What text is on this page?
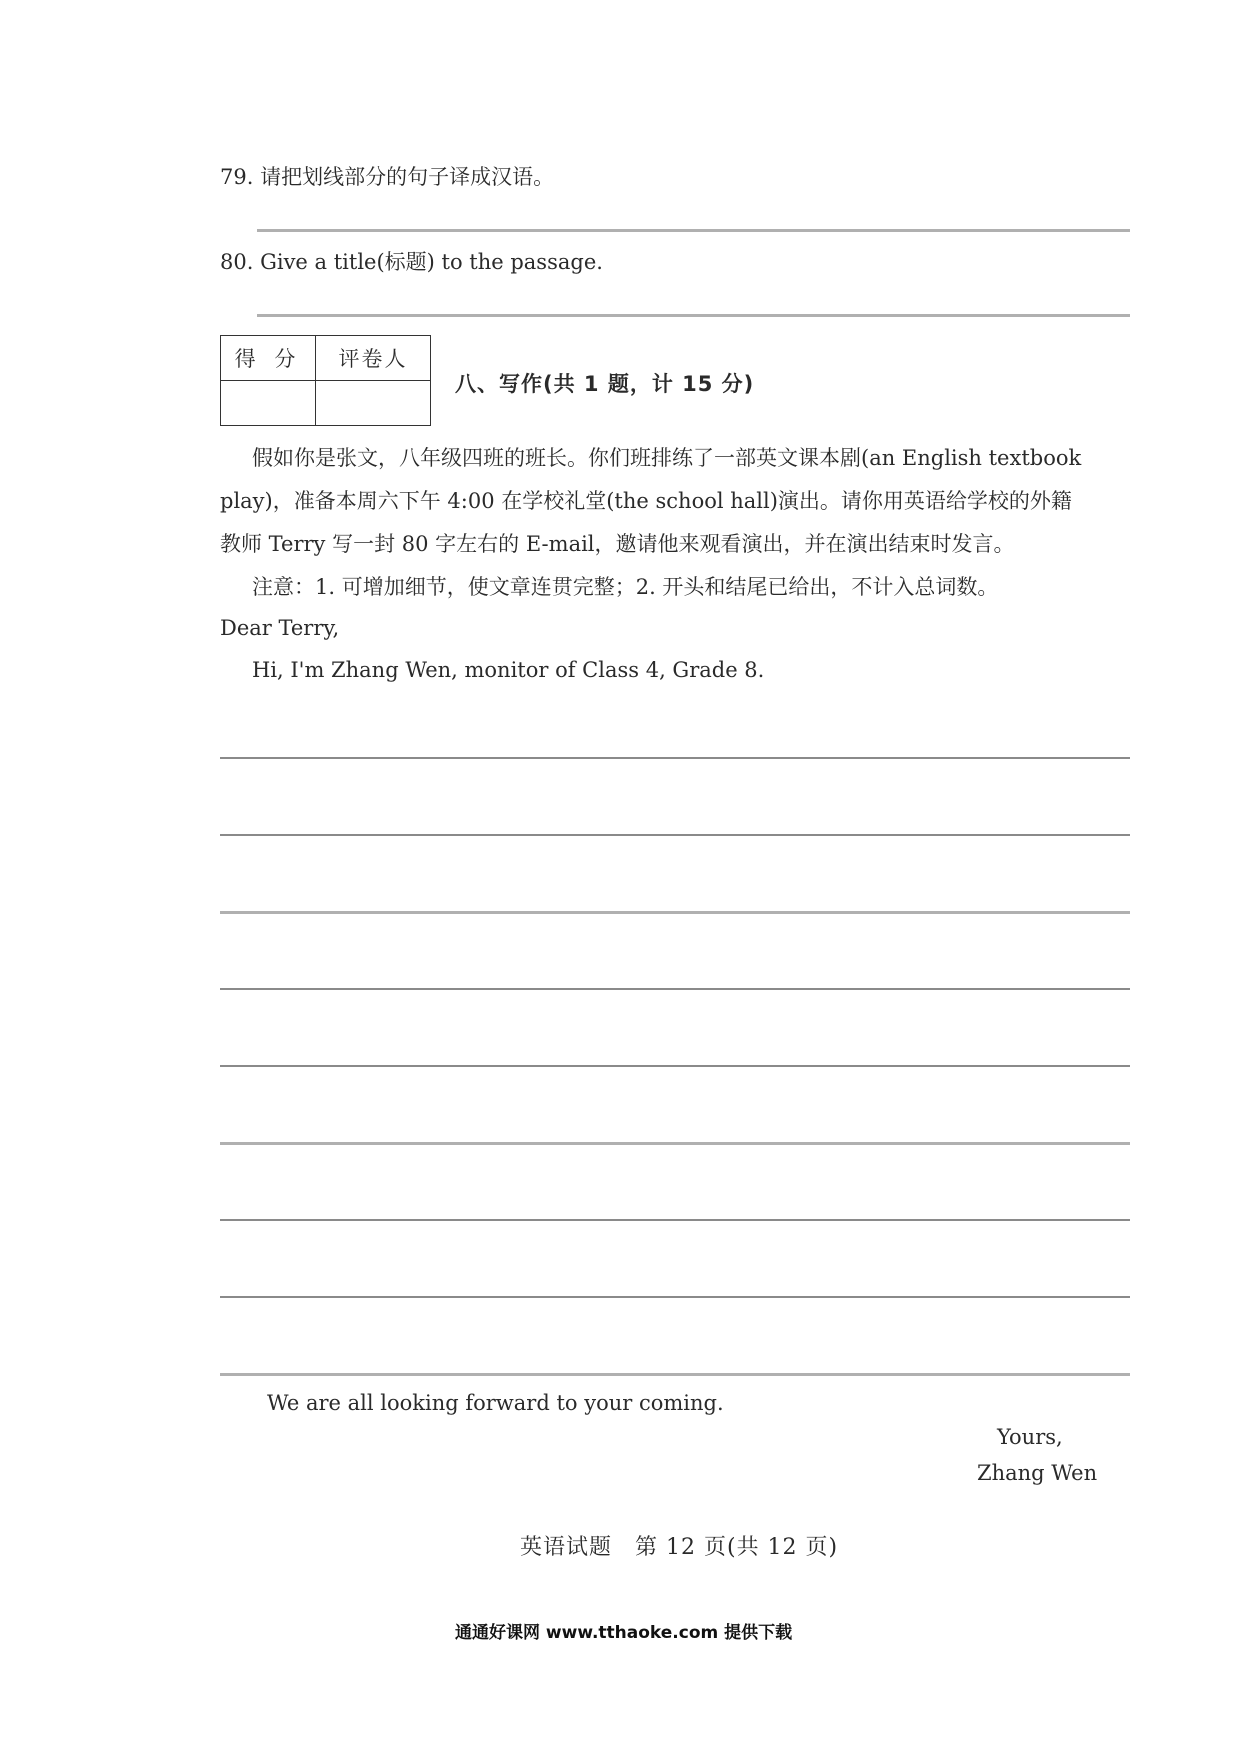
79. 请把划线部分的句子译成汉语。
80. Give a title(标题) to the passage.
得 分	评卷人

八、写作(共 1 题，计 15 分)
假如你是张文，八年级四班的班长。你们班排练了一部英文课本剧(an English textbook
play)，准备本周六下午 4:00 在学校礼堂(the school hall)演出。请你用英语给学校的外籍
教师 Terry 写一封 80 字左右的 E-mail，邀请他来观看演出，并在演出结束时发言。
注意：1. 可增加细节，使文章连贯完整；2. 开头和结尾已给出，不计入总词数。
Dear Terry,
Hi, I'm Zhang Wen, monitor of Class 4, Grade 8.
We are all looking forward to your coming.
Yours,
Zhang Wen
英语试题　第 12 页(共 12 页)
通通好课网 www.tthaoke.com 提供下载
